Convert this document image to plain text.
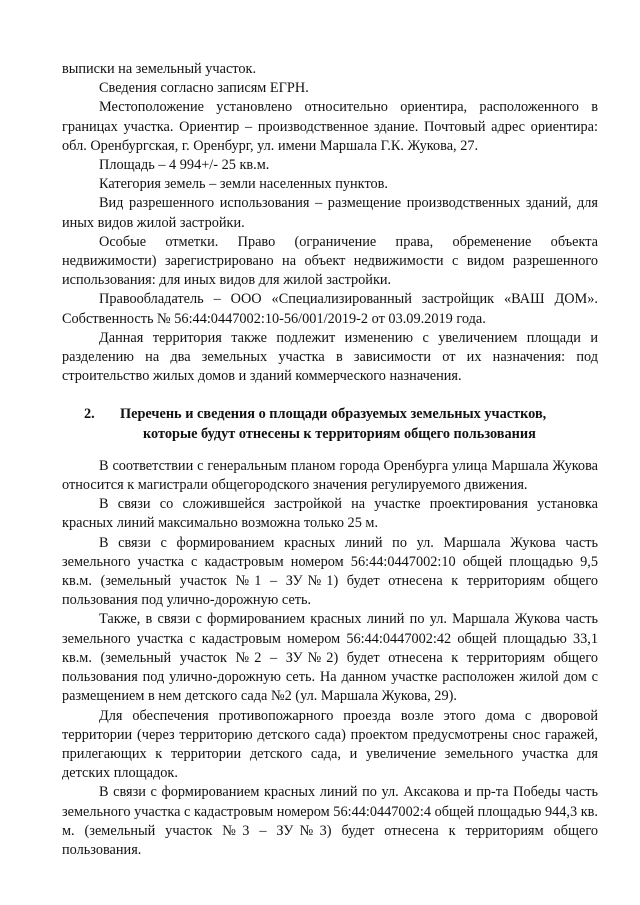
выписки на земельный участок.

Сведения согласно записям ЕГРН.

Местоположение установлено относительно ориентира, расположенного в границах участка. Ориентир – производственное здание. Почтовый адрес ориентира: обл. Оренбургская, г. Оренбург, ул. имени Маршала Г.К. Жукова, 27.

Площадь – 4 994+/- 25 кв.м.

Категория земель – земли населенных пунктов.

Вид разрешенного использования – размещение производственных зданий, для иных видов жилой застройки.

Особые отметки. Право (ограничение права, обременение объекта недвижимости) зарегистрировано на объект недвижимости с видом разрешенного использования: для иных видов для жилой застройки.

Правообладатель – ООО «Специализированный застройщик «ВАШ ДОМ». Собственность № 56:44:0447002:10-56/001/2019-2 от 03.09.2019 года.

Данная территория также подлежит изменению с увеличением площади и разделению на два земельных участка в зависимости от их назначения: под строительство жилых домов и зданий коммерческого назначения.

2.	Перечень и сведения о площади образуемых земельных участков,
которые будут отнесены к территориям общего пользования

В соответствии с генеральным планом города Оренбурга улица Маршала Жукова относится к магистрали общегородского значения регулируемого движения.

В связи со сложившейся застройкой на участке проектирования установка красных линий максимально возможна только 25 м.

В связи с формированием красных линий по ул. Маршала Жукова часть земельного участка с кадастровым номером 56:44:0447002:10 общей площадью 9,5 кв.м. (земельный участок №1 – ЗУ№1) будет отнесена к территориям общего пользования под улично-дорожную сеть.

Также, в связи с формированием красных линий по ул. Маршала Жукова часть земельного участка с кадастровым номером 56:44:0447002:42 общей площадью 33,1 кв.м. (земельный участок №2 – ЗУ№2) будет отнесена к территориям общего пользования под улично-дорожную сеть. На данном участке расположен жилой дом с размещением в нем детского сада №2 (ул. Маршала Жукова, 29).

Для обеспечения противопожарного проезда возле этого дома с дворовой территории (через территорию детского сада) проектом предусмотрены снос гаражей, прилегающих к территории детского сада, и увеличение земельного участка для детских площадок.

В связи с формированием красных линий по ул. Аксакова и пр-та Победы часть земельного участка с кадастровым номером 56:44:0447002:4 общей площадью 944,3 кв. м. (земельный участок №3 – ЗУ№3) будет отнесена к территориям общего пользования.
